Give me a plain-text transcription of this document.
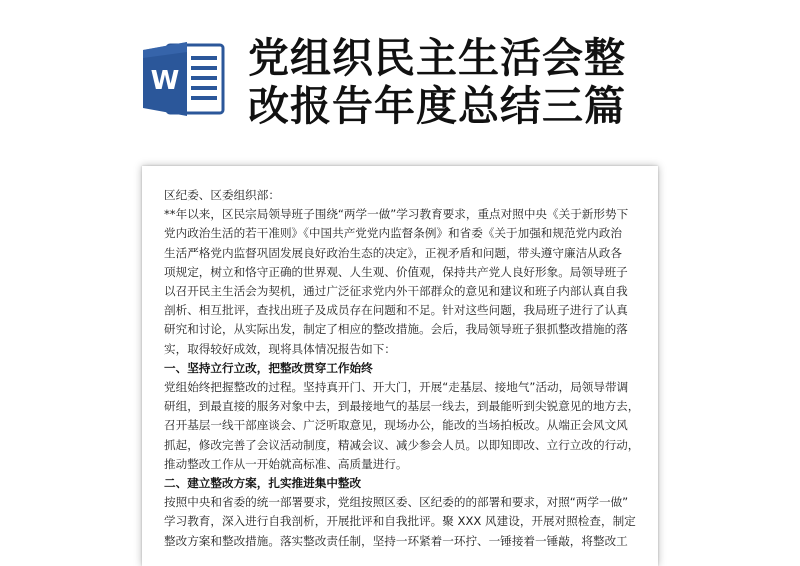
W 党组织民主生活会整
改报告年度总结三篇

区纪委、区委组织部：

**年以来，区民宗局领导班子围绕“两学一做”学习教育要求，重点对照中央《关于新形势下

党内政治生活的若干准则》《中国共产党党内监督条例》和省委《关于加强和规范党内政治

生活严格党内监督巩固发展良好政治生态的决定》，正视矛盾和问题，带头遵守廉洁从政各

项规定，树立和恪守正确的世界观、人生观、价值观，保持共产党人良好形象。局领导班子

以召开民主生活会为契机，通过广泛征求党内外干部群众的意见和建议和班子内部认真自我

剖析、相互批评，查找出班子及成员存在问题和不足。针对这些问题，我局班子进行了认真

研究和讨论，从实际出发，制定了相应的整改措施。会后，我局领导班子狠抓整改措施的落

实，取得较好成效，现将具体情况报告如下：

一、坚持立行立改，把整改贯穿工作始终

党组始终把握整改的过程。坚持真开门、开大门，开展“走基层、接地气”活动，局领导带调

研组，到最直接的服务对象中去，到最接地气的基层一线去，到最能听到尖锐意见的地方去，

召开基层一线干部座谈会、广泛听取意见，现场办公，能改的当场拍板改。从端正会风文风

抓起，修改完善了会议活动制度，精减会议、减少参会人员。以即知即改、立行立改的行动，

推动整改工作从一开始就高标准、高质量进行。

二、建立整改方案，扎实推进集中整改

按照中央和省委的统一部署要求，党组按照区委、区纪委的的部署和要求，对照“两学一做”

学习教育，深入进行自我剖析，开展批评和自我批评。聚 XXX 风建设，开展对照检查，制定

整改方案和整改措施。落实整改责任制，坚持一环紧着一环拧、一锤接着一锤敲，将整改工
